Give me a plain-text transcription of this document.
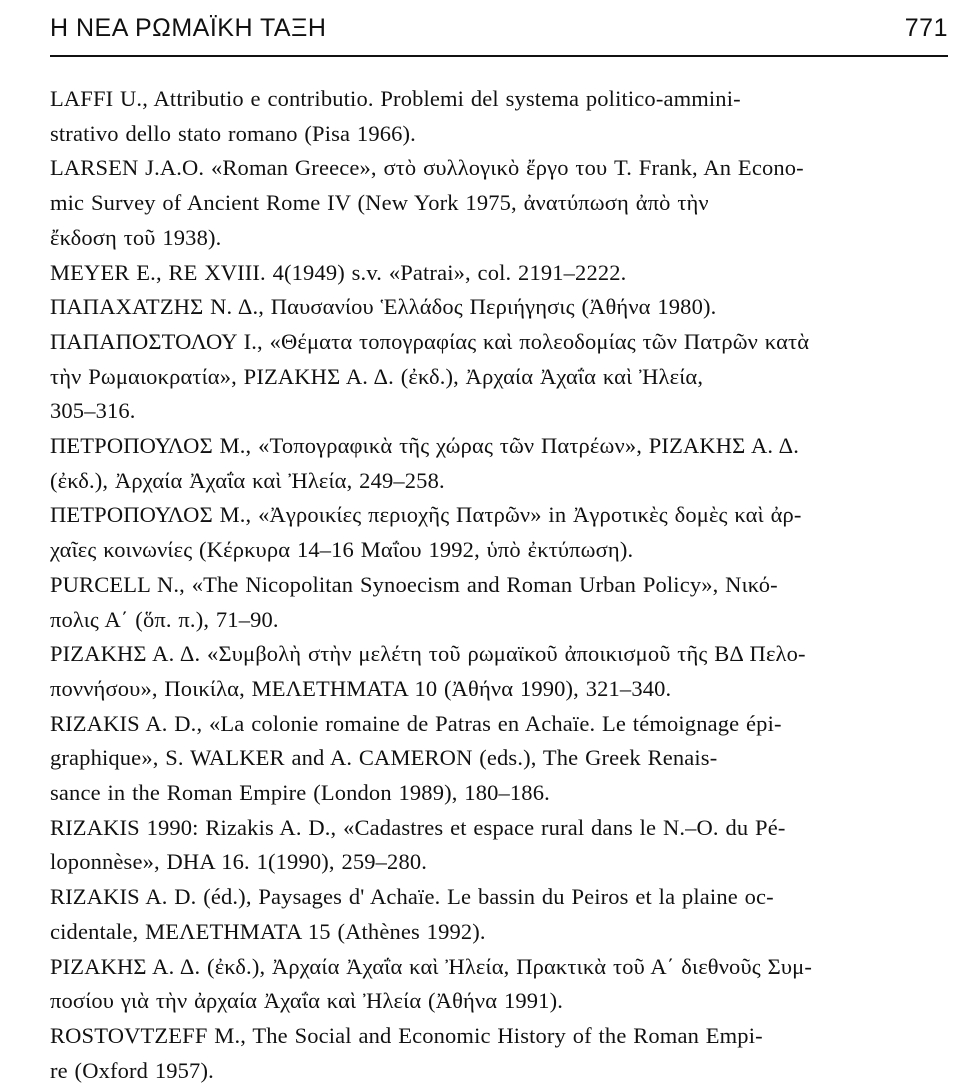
Η ΝΕΑ ΡΩΜΑΪΚΗ ΤΑΞΗ	771
LAFFI U., Attributio e contributio. Problemi del systema politico-ammini-
strativo dello stato romano (Pisa 1966).
LARSEN J.A.O. «Roman Greece», στὸ συλλογικὸ ἔργο του T. Frank, An Econo-
mic Survey of Ancient Rome IV (New York 1975, ἀνατύπωση ἀπὸ τὴν
ἔκδοση τοῦ 1938).
MEYER E., RE XVIII. 4(1949) s.v. «Patrai», col. 2191–2222.
ΠΑΠΑΧΑΤΖΗΣ Ν. Δ., Παυσανίου Ἑλλάδος Περιήγησις (Ἀθήνα 1980).
ΠΑΠΑΠΟΣΤΟΛΟΥ Ι., «Θέματα τοπογραφίας καὶ πολεοδομίας τῶν Πατρῶν κατὰ
τὴν Ρωμαιοκρατία», ΡΙΖΑΚΗΣ Α. Δ. (ἐκδ.), Ἀρχαία Ἀχαΐα καὶ Ἠλεία,
305–316.
ΠΕΤΡΟΠΟΥΛΟΣ Μ., «Τοπογραφικὰ τῆς χώρας τῶν Πατρέων», ΡΙΖΑΚΗΣ Α. Δ.
(ἐκδ.), Ἀρχαία Ἀχαΐα καὶ Ἠλεία, 249–258.
ΠΕΤΡΟΠΟΥΛΟΣ Μ., «Ἀγροικίες περιοχῆς Πατρῶν» in Ἀγροτικὲς δομὲς καὶ ἀρ-
χαῖες κοινωνίες (Κέρκυρα 14–16 Μαΐου 1992, ὑπὸ ἐκτύπωση).
PURCELL N., «The Nicopolitan Synoecism and Roman Urban Policy», Νικό-
πολις Α΄ (ὅπ. π.), 71–90.
ΡΙΖΑΚΗΣ Α. Δ. «Συμβολὴ στὴν μελέτη τοῦ ρωμαϊκοῦ ἀποικισμοῦ τῆς ΒΔ Πελο-
ποννήσου», Ποικίλα, ΜΕΛΕΤΗΜΑΤΑ 10 (Ἀθήνα 1990), 321–340.
RIZAKIS A. D., «La colonie romaine de Patras en Achaïe. Le témoignage épi-
graphique», S. WALKER and A. CAMERON (eds.), The Greek Renais-
sance in the Roman Empire (London 1989), 180–186.
RIZAKIS 1990: Rizakis A. D., «Cadastres et espace rural dans le N.–O. du Pé-
loponnèse», DHA 16. 1(1990), 259–280.
RIZAKIS A. D. (éd.), Paysages d' Achaïe. Le bassin du Peiros et la plaine oc-
cidentale, ΜΕΛΕΤΗΜΑΤΑ 15 (Athènes 1992).
ΡΙΖΑΚΗΣ Α. Δ. (ἐκδ.), Ἀρχαία Ἀχαΐα καὶ Ἠλεία, Πρακτικὰ τοῦ Α΄ διεθνοῦς Συμ-
ποσίου γιὰ τὴν ἀρχαία Ἀχαΐα καὶ Ἠλεία (Ἀθήνα 1991).
ROSTOVTZEFF M., The Social and Economic History of the Roman Empi-
re (Oxford 1957).
